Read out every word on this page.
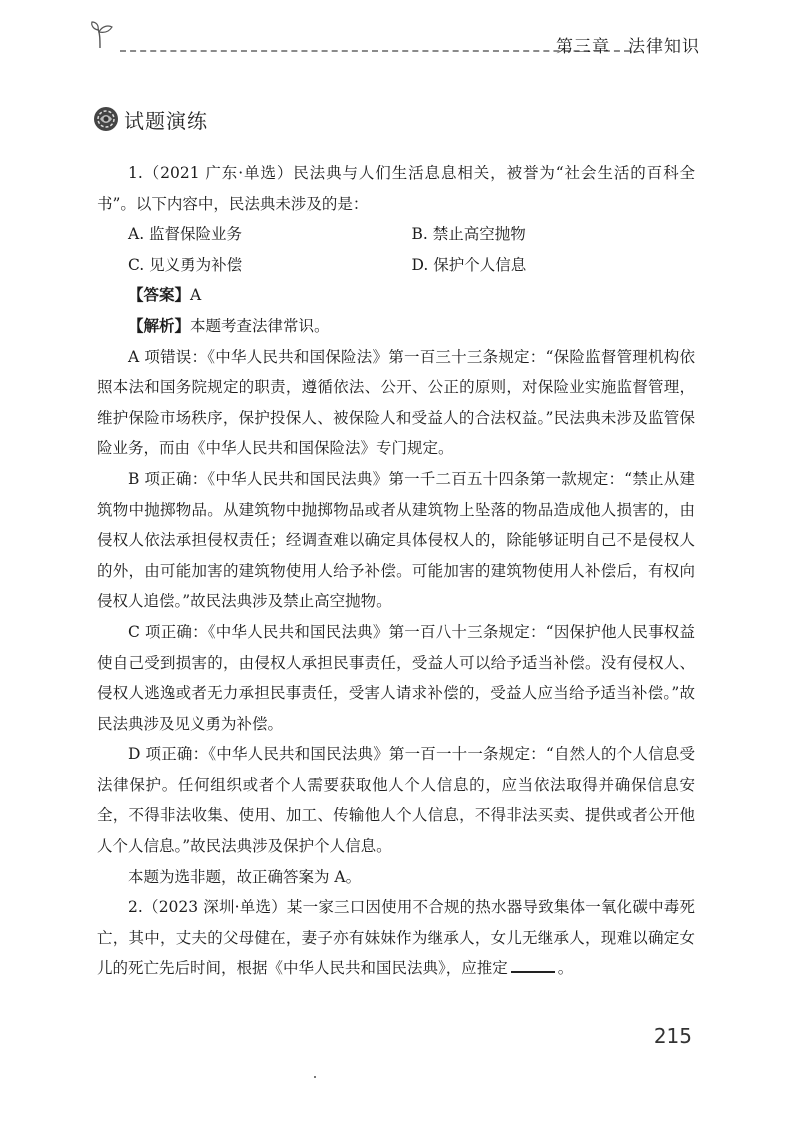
第三章　法律知识
试题演练

1.（2021 广东·单选）民法典与人们生活息息相关，被誉为“社会生活的百科全书”。以下内容中，民法典未涉及的是：

A. 监督保险业务	B. 禁止高空抛物
C. 见义勇为补偿	D. 保护个人信息

【答案】A

【解析】本题考查法律常识。

A 项错误：《中华人民共和国保险法》第一百三十三条规定：“保险监督管理机构依照本法和国务院规定的职责，遵循依法、公开、公正的原则，对保险业实施监督管理，维护保险市场秩序，保护投保人、被保险人和受益人的合法权益。”民法典未涉及监管保险业务，而由《中华人民共和国保险法》专门规定。

B 项正确：《中华人民共和国民法典》第一千二百五十四条第一款规定：“禁止从建筑物中抛掷物品。从建筑物中抛掷物品或者从建筑物上坠落的物品造成他人损害的，由侵权人依法承担侵权责任；经调查难以确定具体侵权人的，除能够证明自己不是侵权人的外，由可能加害的建筑物使用人给予补偿。可能加害的建筑物使用人补偿后，有权向侵权人追偿。”故民法典涉及禁止高空抛物。

C 项正确：《中华人民共和国民法典》第一百八十三条规定：“因保护他人民事权益使自己受到损害的，由侵权人承担民事责任，受益人可以给予适当补偿。没有侵权人、侵权人逃逸或者无力承担民事责任，受害人请求补偿的，受益人应当给予适当补偿。”故民法典涉及见义勇为补偿。

D 项正确：《中华人民共和国民法典》第一百一十一条规定：“自然人的个人信息受法律保护。任何组织或者个人需要获取他人个人信息的，应当依法取得并确保信息安全，不得非法收集、使用、加工、传输他人个人信息，不得非法买卖、提供或者公开他人个人信息。”故民法典涉及保护个人信息。

本题为选非题，故正确答案为 A。

2.（2023 深圳·单选）某一家三口因使用不合规的热水器导致集体一氧化碳中毒死亡，其中，丈夫的父母健在，妻子亦有妹妹作为继承人，女儿无继承人，现难以确定女儿的死亡先后时间，根据《中华人民共和国民法典》，应推定	。

215
